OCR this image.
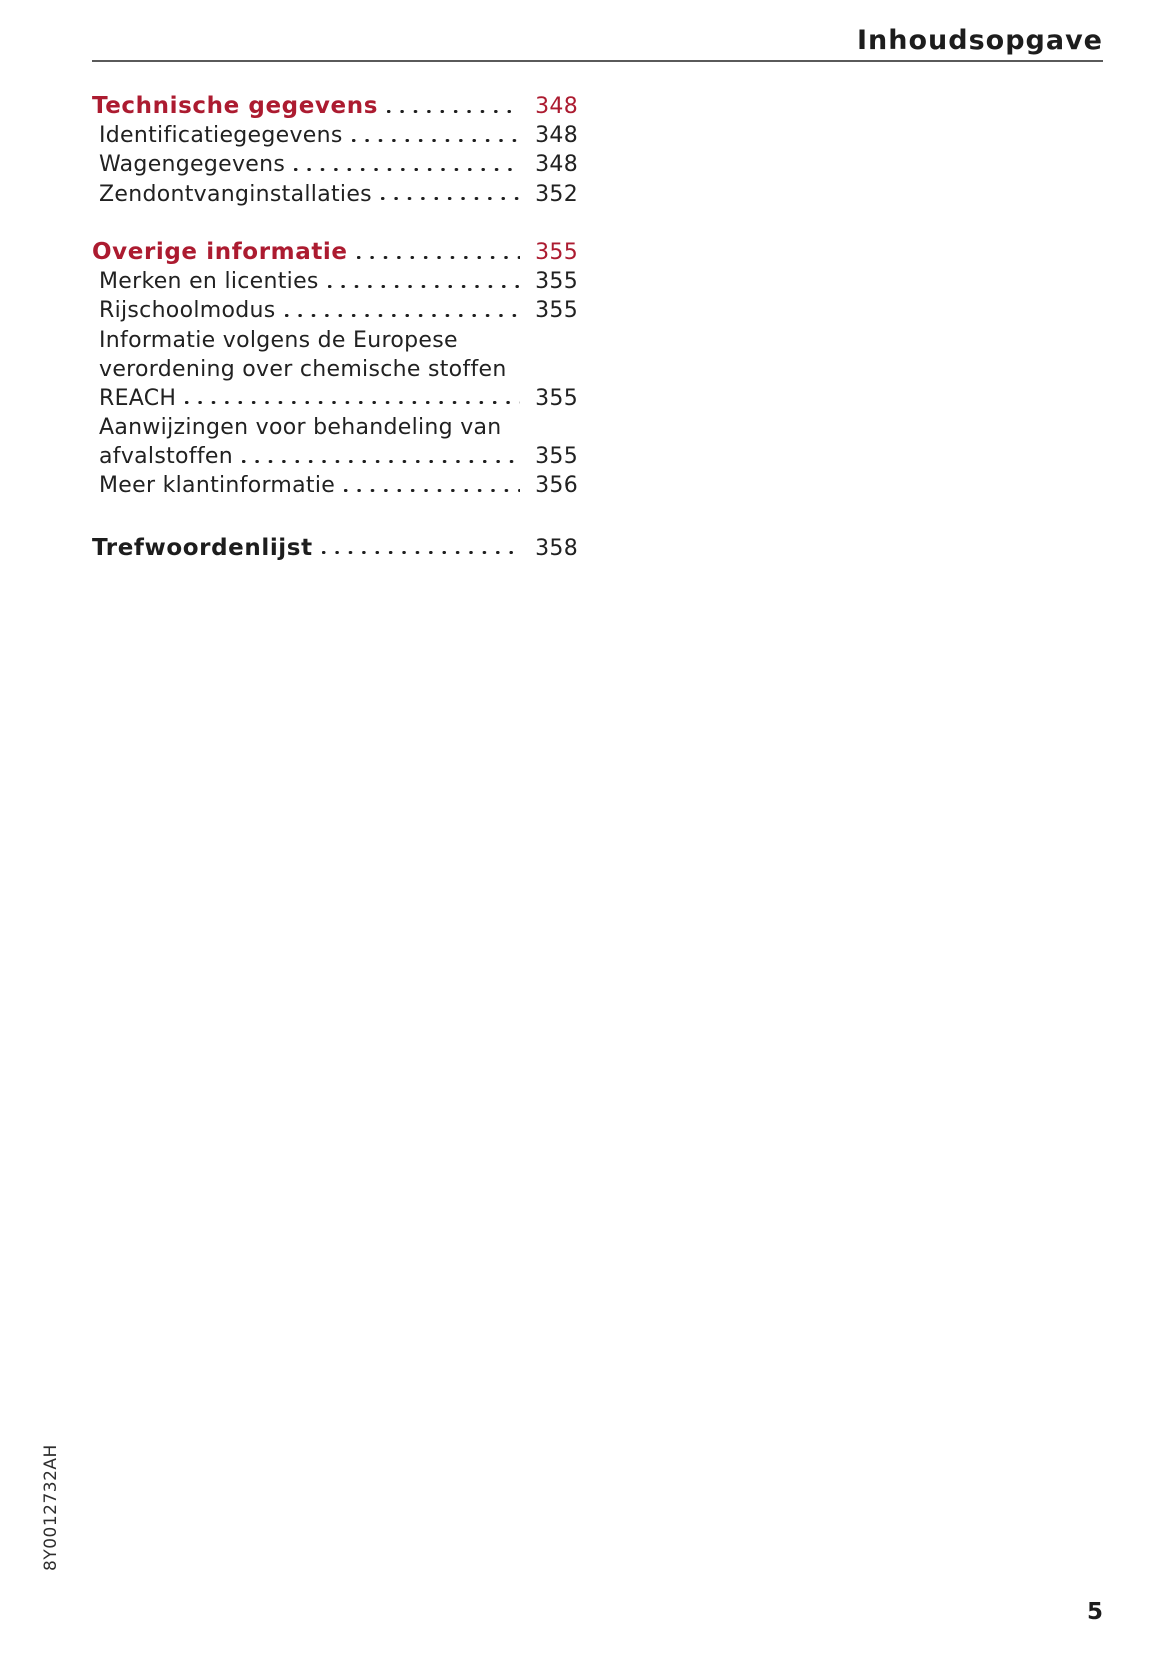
Inhoudsopgave
Technische gegevens	348
Identificatiegegevens	348
Wagengegevens	348
Zendontvanginstallaties	352
Overige informatie	355
Merken en licenties	355
Rijschoolmodus	355
Informatie volgens de Europese
verordening over chemische stoffen
REACH	355
Aanwijzingen voor behandeling van
afvalstoffen	355
Meer klantinformatie	356
Trefwoordenlijst	358
8Y0012732AH
5
